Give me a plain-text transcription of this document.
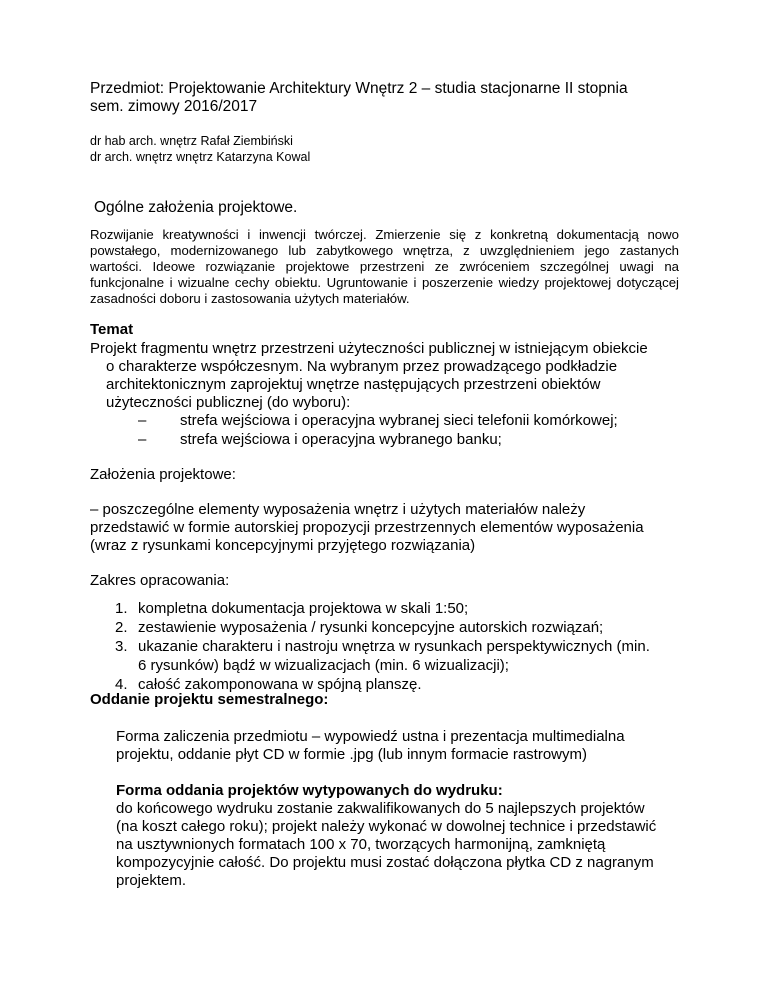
Przedmiot: Projektowanie Architektury Wnętrz 2 – studia stacjonarne II stopnia

sem. zimowy 2016/2017

dr hab arch. wnętrz Rafał Ziembiński

dr arch. wnętrz wnętrz Katarzyna Kowal

Ogólne założenia projektowe.

Rozwijanie kreatywności i inwencji twórczej. Zmierzenie się z konkretną dokumentacją nowo powstałego, modernizowanego lub zabytkowego wnętrza, z uwzględnieniem jego zastanych wartości. Ideowe rozwiązanie projektowe przestrzeni ze zwróceniem szczególnej uwagi na funkcjonalne i wizualne cechy obiektu. Ugruntowanie i poszerzenie wiedzy projektowej dotyczącej zasadności doboru i zastosowania użytych materiałów.

Temat

Projekt fragmentu wnętrz przestrzeni użyteczności publicznej w istniejącym obiekcie

o charakterze współczesnym. Na wybranym przez prowadzącego podkładzie

architektonicznym zaprojektuj wnętrze następujących przestrzeni obiektów

użyteczności publicznej (do wyboru):

– strefa wejściowa i operacyjna wybranej sieci telefonii komórkowej;
– strefa wejściowa i operacyjna wybranego banku;

Założenia projektowe:

– poszczególne elementy wyposażenia wnętrz i użytych materiałów należy

przedstawić w formie autorskiej propozycji przestrzennych elementów wyposażenia

(wraz z rysunkami koncepcyjnymi przyjętego rozwiązania)

Zakres opracowania:

1. kompletna dokumentacja projektowa w skali 1:50;
2. zestawienie wyposażenia / rysunki koncepcyjne autorskich rozwiązań;
3. ukazanie charakteru i nastroju wnętrza w rysunkach perspektywicznych (min.
6 rysunków) bądź w wizualizacjach (min. 6 wizualizacji);
4. całość zakomponowana w spójną planszę.

Oddanie projektu semestralnego:

Forma zaliczenia przedmiotu – wypowiedź ustna i prezentacja multimedialna

projektu, oddanie płyt CD w formie .jpg (lub innym formacie rastrowym)

Forma oddania projektów wytypowanych do wydruku:

do końcowego wydruku zostanie zakwalifikowanych do 5 najlepszych projektów

(na koszt całego roku); projekt należy wykonać w dowolnej technice i przedstawić

na usztywnionych formatach 100 x 70, tworzących harmonijną, zamkniętą

kompozycyjnie całość. Do projektu musi zostać dołączona płytka CD z nagranym

projektem.
